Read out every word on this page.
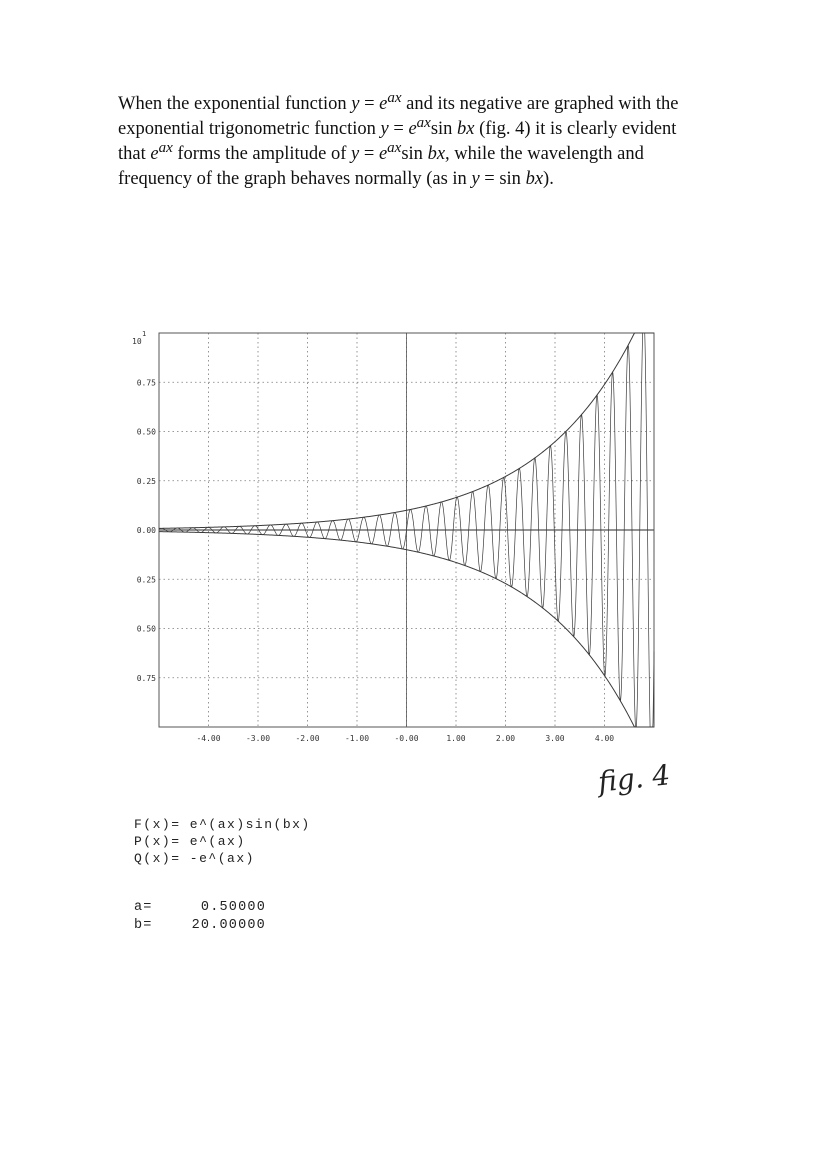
When the exponential function $y = e^{ax}$ and its negative are graphed with the exponential trigonometric function $y = e^{ax}\sin$ bx (fig. 4) it is clearly evident that $e^{ax}$ forms the amplitude of $y = e^{ax}\sin$ bx, while the wavelength and frequency of the graph behaves normally (as in y = sin bx).

-4.00	-3.00	-2.00	-1.00	-0.00	1.00	2.00	3.00	4.00
0.75
0.50
0.25
0.00
0.25
0.50
0.75
10
1
fig. 4
F(x)= e^(ax)sin(bx)
P(x)= e^(ax)
Q(x)= -e^(ax)
a=	0.50000
b=	20.00000
